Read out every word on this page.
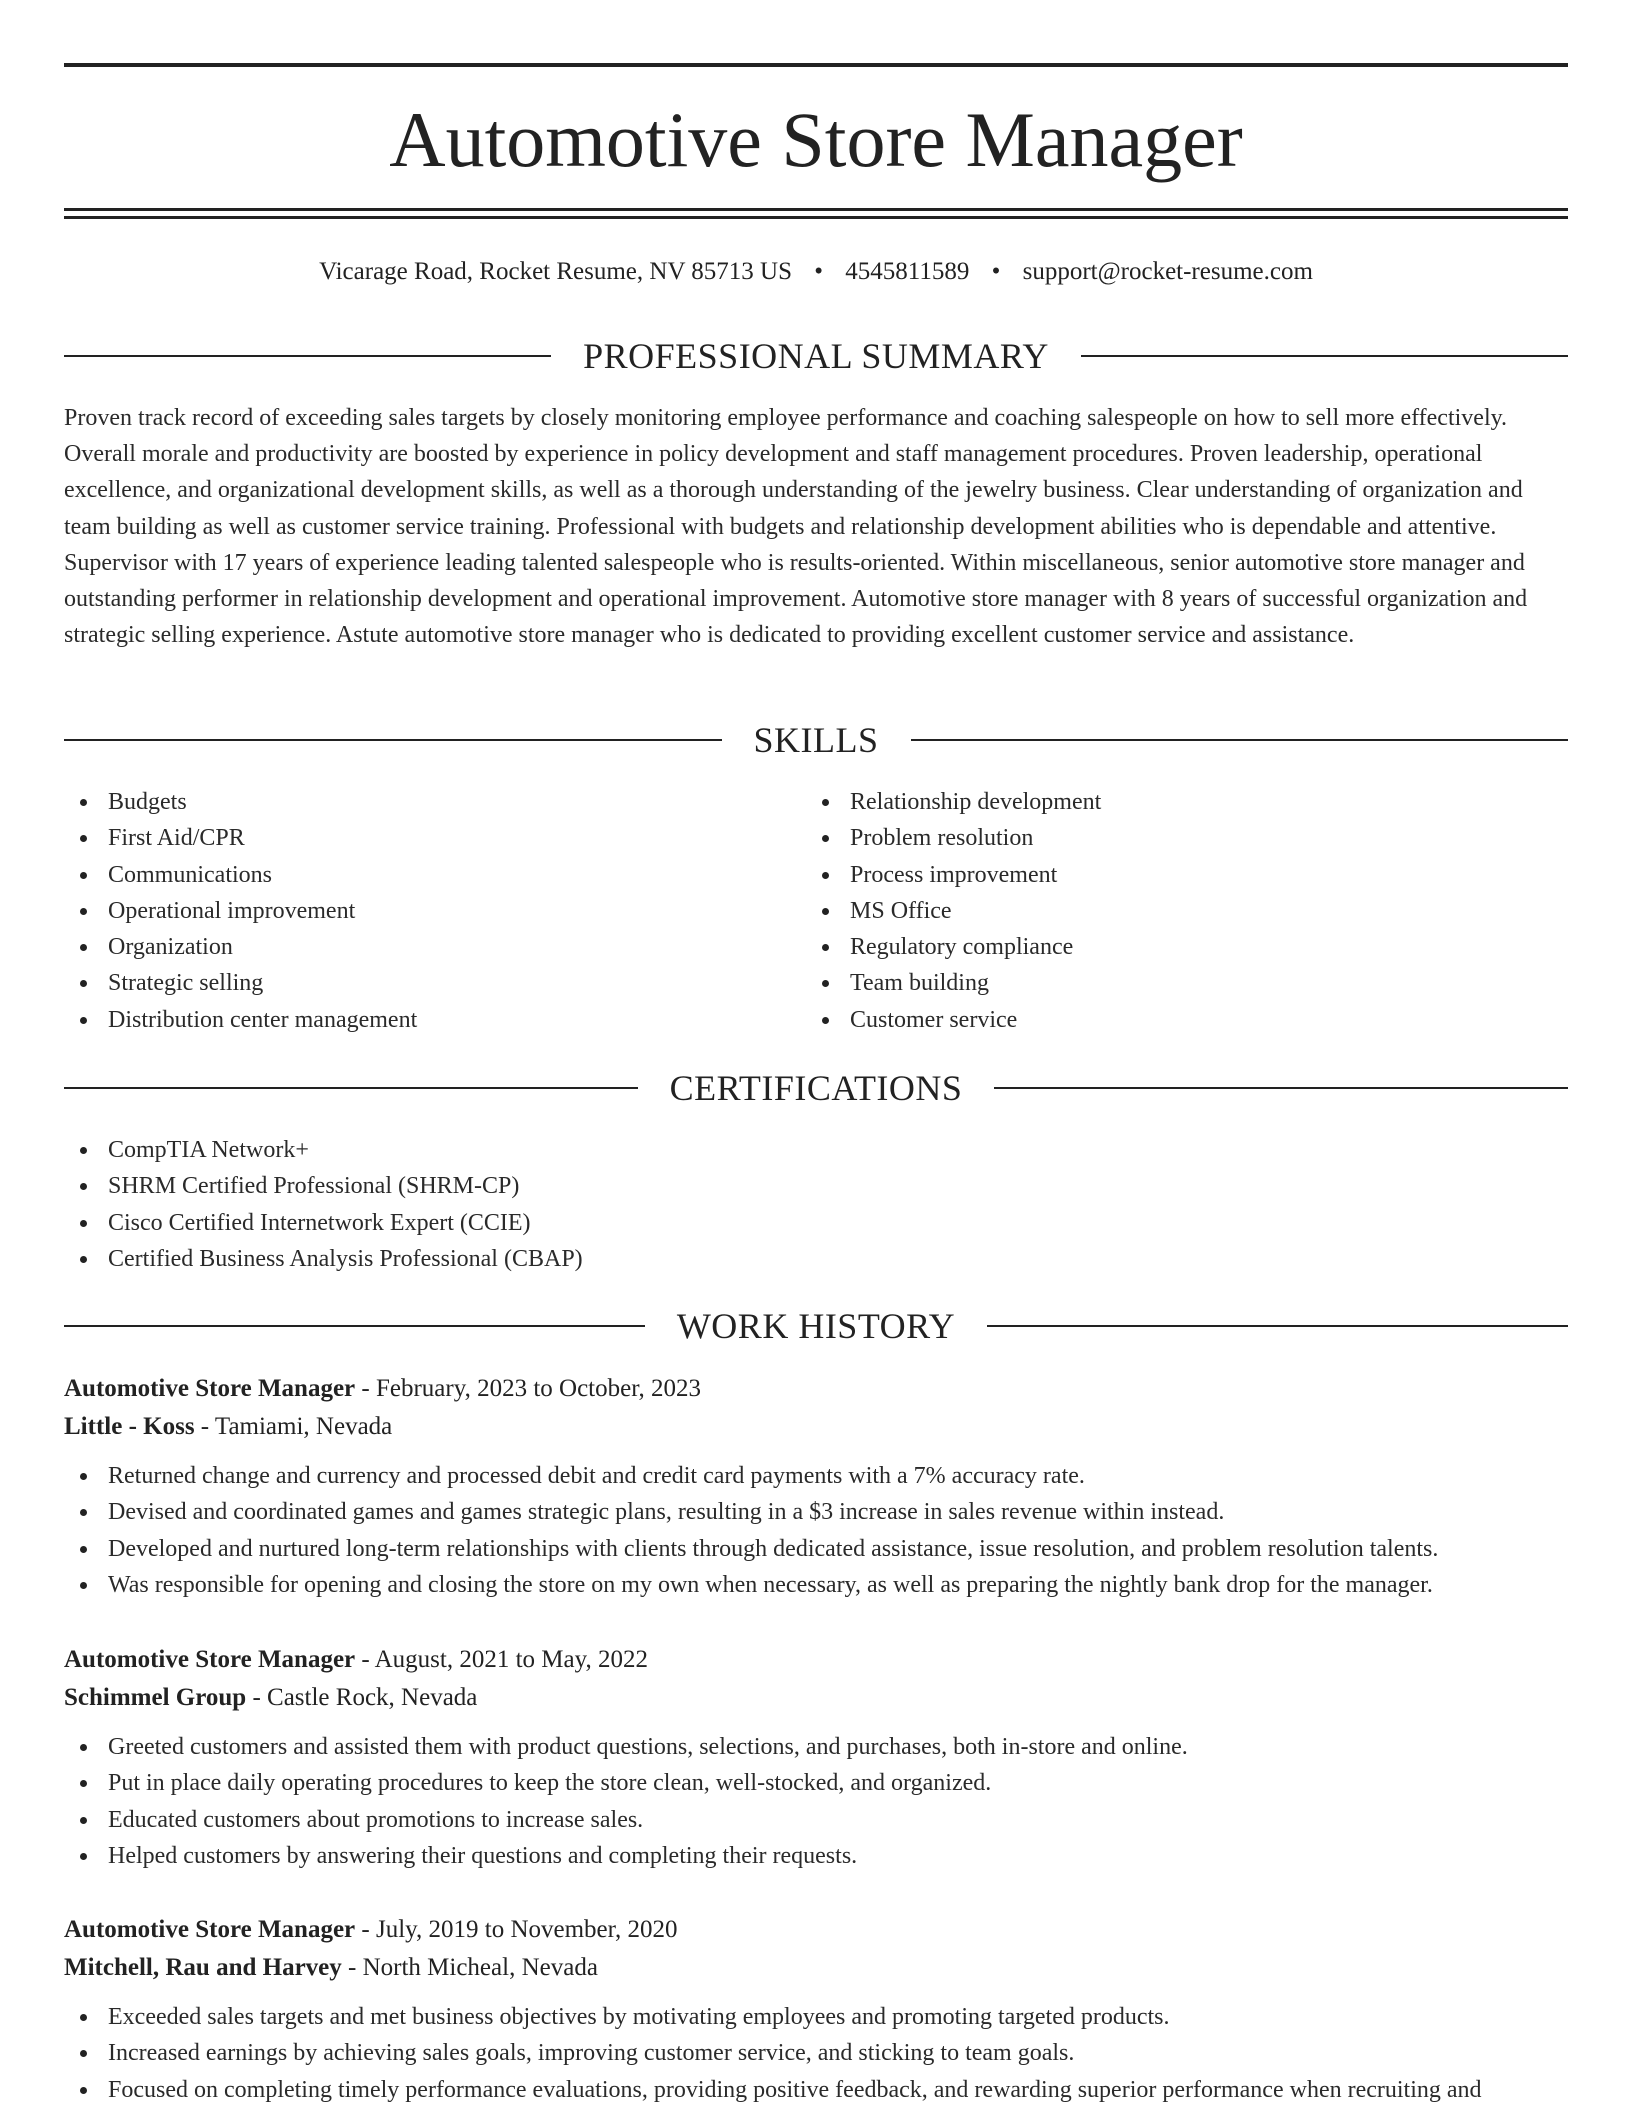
Automotive Store Manager
Vicarage Road, Rocket Resume, NV 85713 US • 4545811589 • support@rocket-resume.com
PROFESSIONAL SUMMARY

Proven track record of exceeding sales targets by closely monitoring employee performance and coaching salespeople on how to sell more effectively. Overall morale and productivity are boosted by experience in policy development and staff management procedures. Proven leadership, operational excellence, and organizational development skills, as well as a thorough understanding of the jewelry business. Clear understanding of organization and team building as well as customer service training. Professional with budgets and relationship development abilities who is dependable and attentive. Supervisor with 17 years of experience leading talented salespeople who is results-oriented. Within miscellaneous, senior automotive store manager and outstanding performer in relationship development and operational improvement. Automotive store manager with 8 years of successful organization and strategic selling experience. Astute automotive store manager who is dedicated to providing excellent customer service and assistance.

SKILLS
Budgets
First Aid/CPR
Communications
Operational improvement
Organization
Strategic selling
Distribution center management
Relationship development
Problem resolution
Process improvement
MS Office
Regulatory compliance
Team building
Customer service
CERTIFICATIONS
CompTIA Network+
SHRM Certified Professional (SHRM-CP)
Cisco Certified Internetwork Expert (CCIE)
Certified Business Analysis Professional (CBAP)
WORK HISTORY
Automotive Store Manager - February, 2023 to October, 2023
Little - Koss - Tamiami, Nevada
Returned change and currency and processed debit and credit card payments with a 7% accuracy rate.
Devised and coordinated games and games strategic plans, resulting in a $3 increase in sales revenue within instead.
Developed and nurtured long-term relationships with clients through dedicated assistance, issue resolution, and problem resolution talents.
Was responsible for opening and closing the store on my own when necessary, as well as preparing the nightly bank drop for the manager.
Automotive Store Manager - August, 2021 to May, 2022
Schimmel Group - Castle Rock, Nevada
Greeted customers and assisted them with product questions, selections, and purchases, both in-store and online.
Put in place daily operating procedures to keep the store clean, well-stocked, and organized.
Educated customers about promotions to increase sales.
Helped customers by answering their questions and completing their requests.
Automotive Store Manager - July, 2019 to November, 2020
Mitchell, Rau and Harvey - North Micheal, Nevada
Exceeded sales targets and met business objectives by motivating employees and promoting targeted products.
Increased earnings by achieving sales goals, improving customer service, and sticking to team goals.
Focused on completing timely performance evaluations, providing positive feedback, and rewarding superior performance when recruiting and
